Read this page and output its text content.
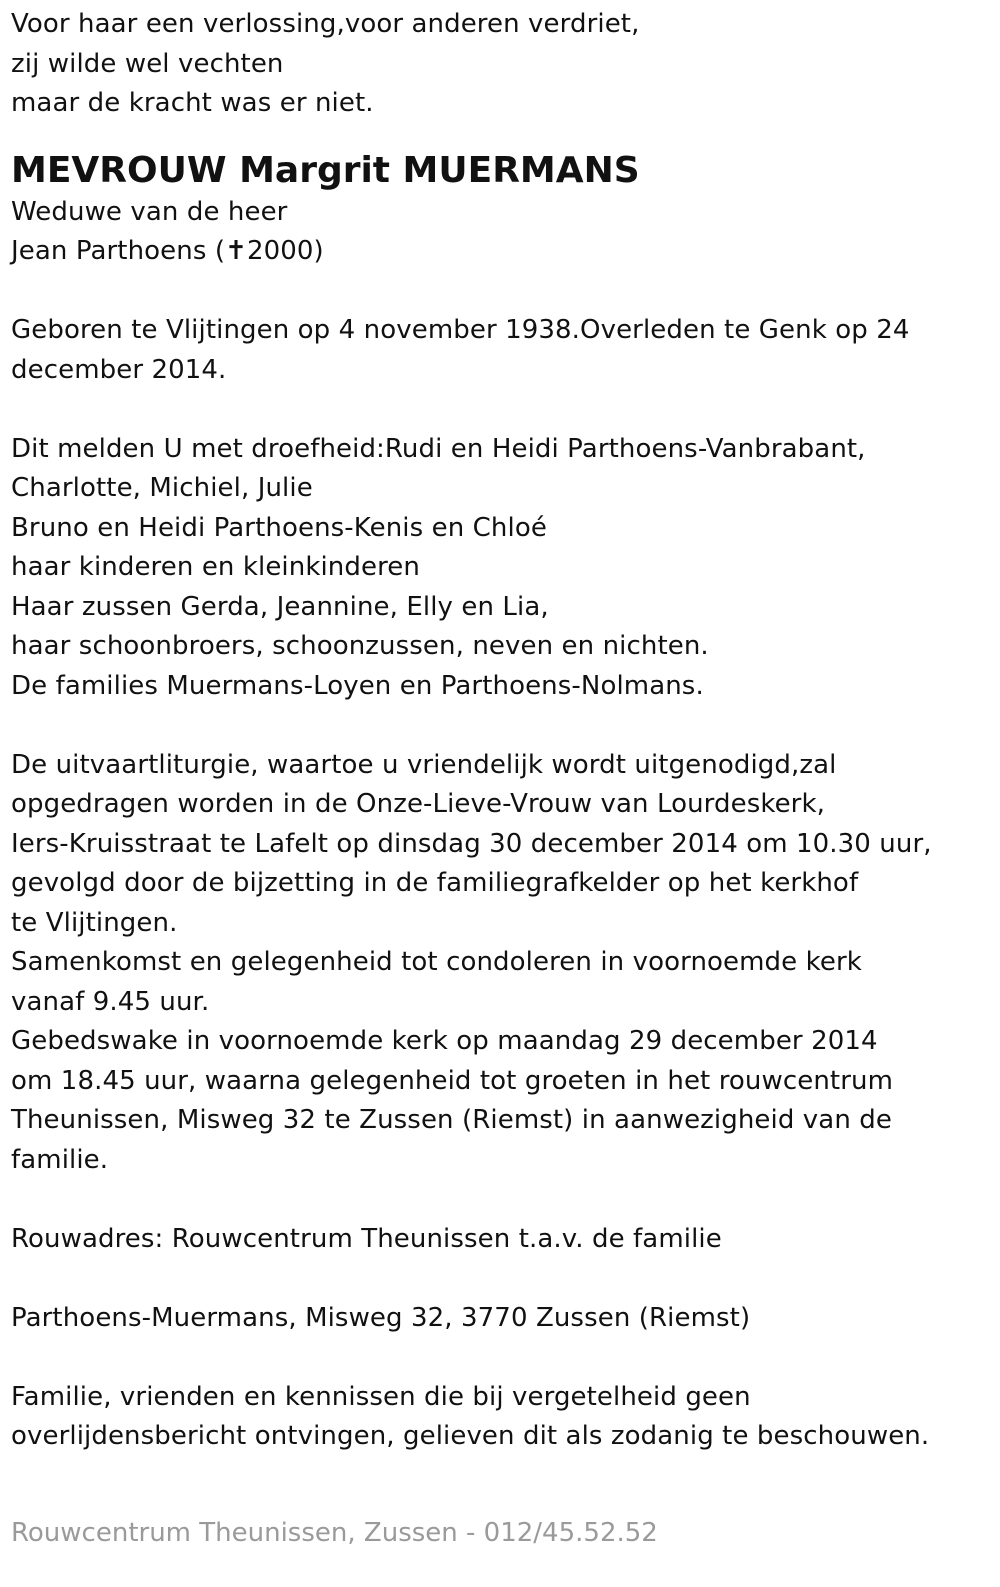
Voor haar een verlossing,voor anderen verdriet,
zij wilde wel vechten
maar de kracht was er niet.
MEVROUW Margrit MUERMANS
Weduwe van de heer
Jean Parthoens (✝2000)
Geboren te Vlijtingen op 4 november 1938.Overleden te Genk op 24
december 2014.
Dit melden U met droefheid:Rudi en Heidi Parthoens-Vanbrabant,
Charlotte, Michiel, Julie
Bruno en Heidi Parthoens-Kenis en Chloé
haar kinderen en kleinkinderen
Haar zussen Gerda, Jeannine, Elly en Lia,
haar schoonbroers, schoonzussen, neven en nichten.
De families Muermans-Loyen en Parthoens-Nolmans.
De uitvaartliturgie, waartoe u vriendelijk wordt uitgenodigd,zal
opgedragen worden in de Onze-Lieve-Vrouw van Lourdeskerk,
Iers-Kruisstraat te Lafelt op dinsdag 30 december 2014 om 10.30 uur,
gevolgd door de bijzetting in de familiegrafkelder op het kerkhof
te Vlijtingen.
Samenkomst en gelegenheid tot condoleren in voornoemde kerk
vanaf 9.45 uur.
Gebedswake in voornoemde kerk op maandag 29 december 2014
om 18.45 uur, waarna gelegenheid tot groeten in het rouwcentrum
Theunissen, Misweg 32 te Zussen (Riemst) in aanwezigheid van de
familie.
Rouwadres: Rouwcentrum Theunissen t.a.v. de familie
Parthoens-Muermans, Misweg 32, 3770 Zussen (Riemst)
Familie, vrienden en kennissen die bij vergetelheid geen
overlijdensbericht ontvingen, gelieven dit als zodanig te beschouwen.
Rouwcentrum Theunissen, Zussen - 012/45.52.52
